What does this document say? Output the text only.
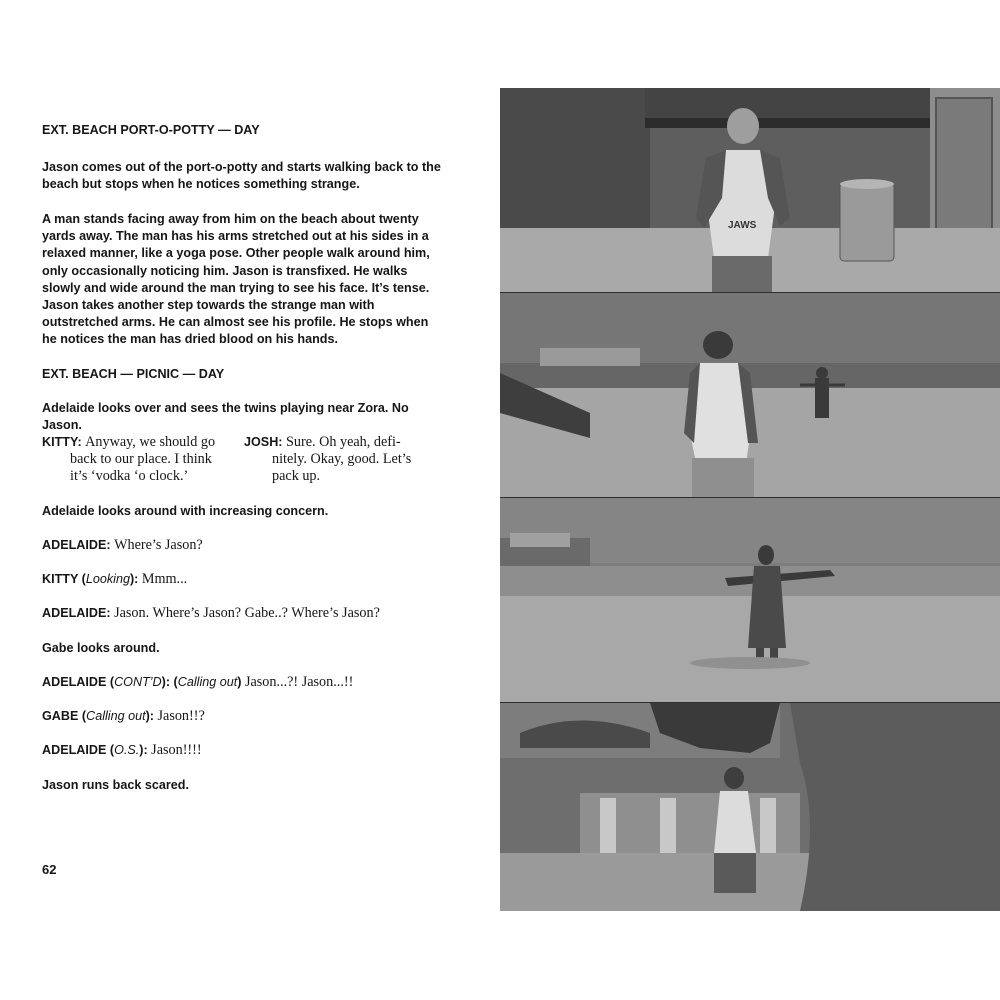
EXT. BEACH PORT-O-POTTY — DAY
Jason comes out of the port-o-potty and starts walking back to the beach but stops when he notices something strange.
A man stands facing away from him on the beach about twenty yards away. The man has his arms stretched out at his sides in a relaxed manner, like a yoga pose. Other people walk around him, only occasionally noticing him. Jason is transfixed. He walks slowly and wide around the man trying to see his face. It’s tense. Jason takes another step towards the strange man with outstretched arms. He can almost see his profile. He stops when he notices the man has dried blood on his hands.
EXT. BEACH — PICNIC — DAY
Adelaide looks over and sees the twins playing near Zora. No Jason.
KITTY: Anyway, we should go
back to our place. I think
it’s ‘vodka ‘o clock.’
JOSH: Sure. Oh yeah, defi-
nitely. Okay, good. Let’s
pack up.
Adelaide looks around with increasing concern.
ADELAIDE: Where’s Jason?
KITTY (Looking): Mmm...
ADELAIDE: Jason. Where’s Jason? Gabe..? Where’s Jason?
Gabe looks around.
ADELAIDE (CONT’D): (Calling out) Jason...?! Jason...!!
GABE (Calling out): Jason!!?
ADELAIDE (O.S.): Jason!!!!
Jason runs back scared.
62
JAWS
